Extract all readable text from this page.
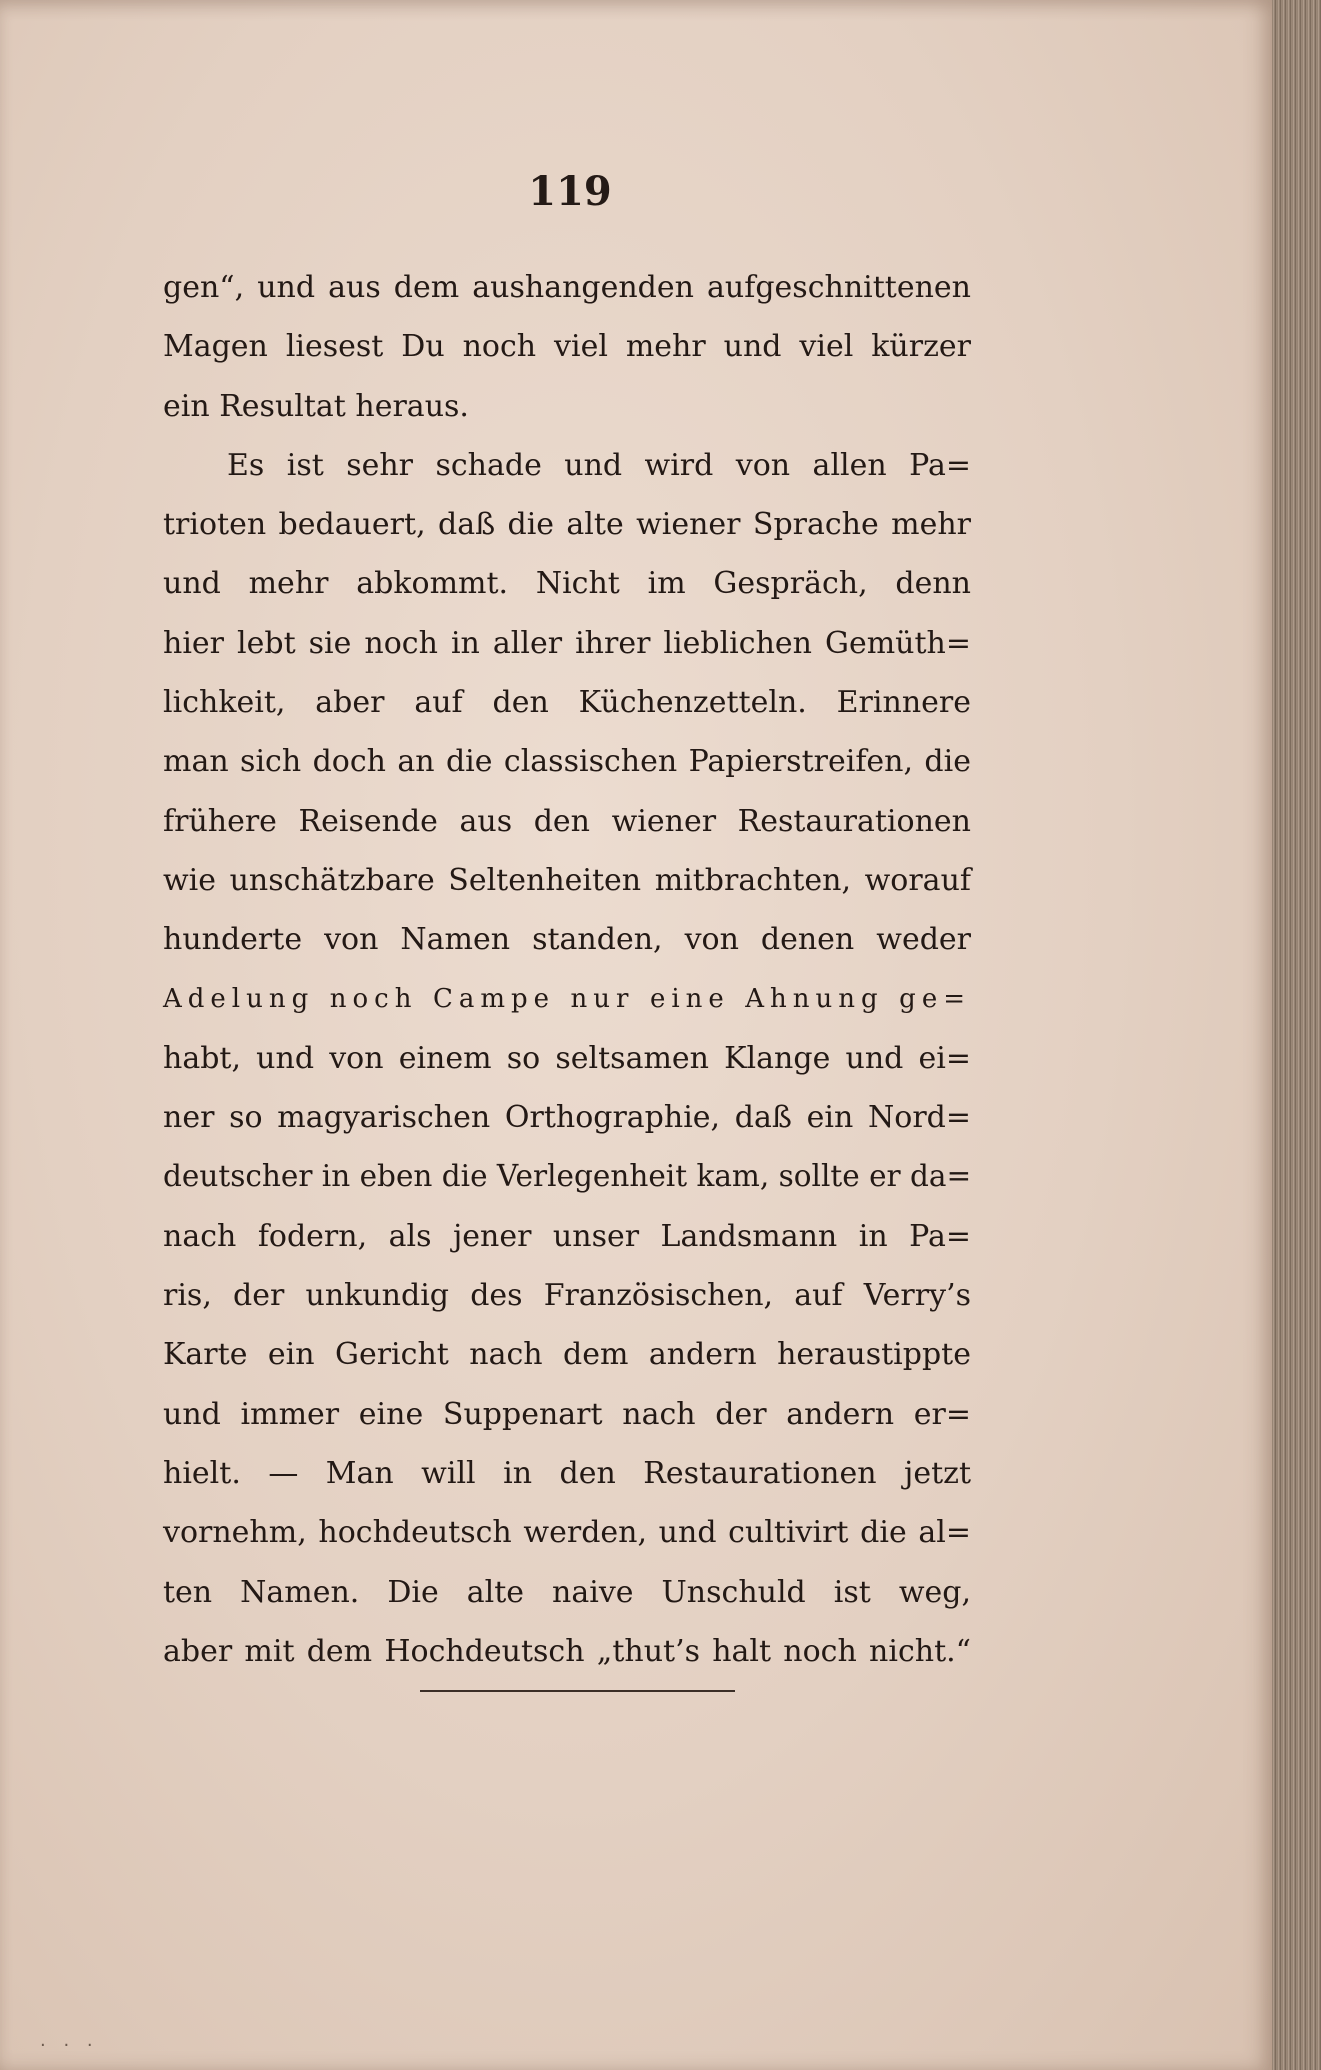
119
gen“, und aus dem aushangenden aufgeschnittenen
Magen liesest Du noch viel mehr und viel kürzer
ein Resultat heraus.
Es ist sehr schade und wird von allen Pa=
trioten bedauert, daß die alte wiener Sprache mehr
und mehr abkommt. Nicht im Gespräch, denn
hier lebt sie noch in aller ihrer lieblichen Gemüth=
lichkeit, aber auf den Küchenzetteln. Erinnere
man sich doch an die classischen Papierstreifen, die
frühere Reisende aus den wiener Restaurationen
wie unschätzbare Seltenheiten mitbrachten, worauf
hunderte von Namen standen, von denen weder
Adelung noch Campe nur eine Ahnung ge=
habt, und von einem so seltsamen Klange und ei=
ner so magyarischen Orthographie, daß ein Nord=
deutscher in eben die Verlegenheit kam, sollte er da=
nach fodern, als jener unser Landsmann in Pa=
ris, der unkundig des Französischen, auf Verry’s
Karte ein Gericht nach dem andern heraustippte
und immer eine Suppenart nach der andern er=
hielt. — Man will in den Restaurationen jetzt
vornehm, hochdeutsch werden, und cultivirt die al=
ten Namen. Die alte naive Unschuld ist weg,
aber mit dem Hochdeutsch „thut’s halt noch nicht.“
. . .
